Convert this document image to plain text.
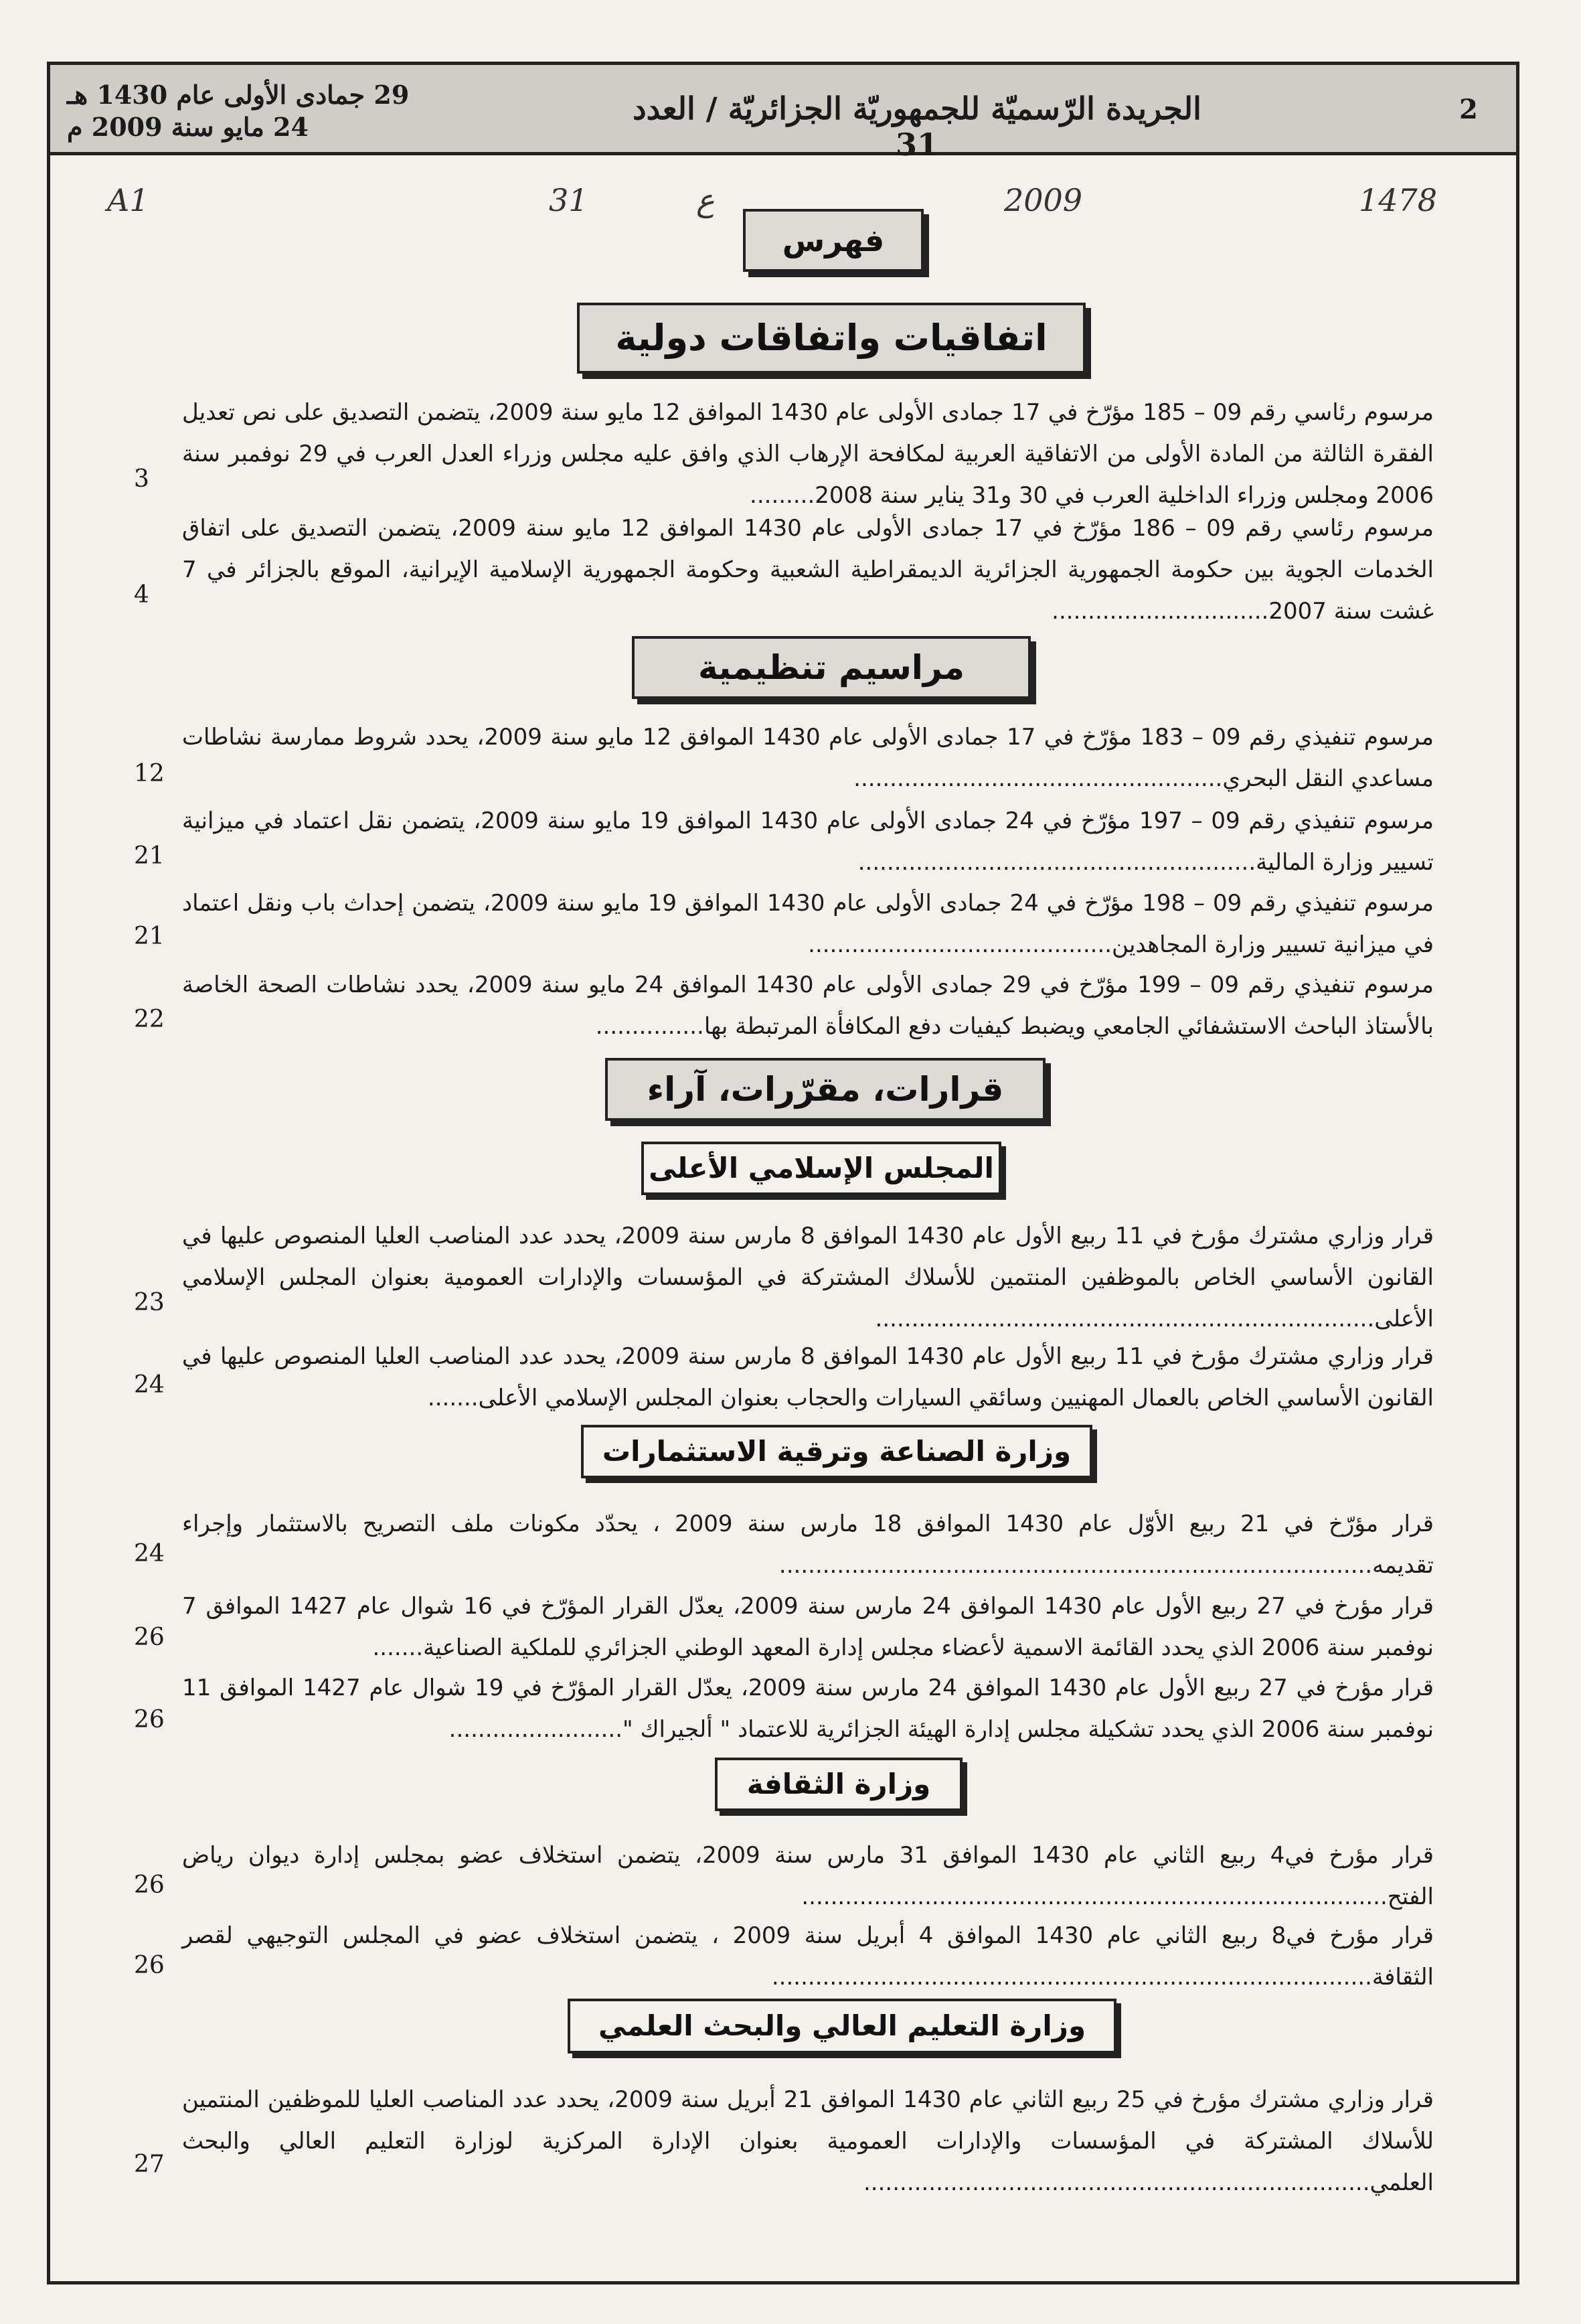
2
الجريدة الرّسميّة للجمهوريّة الجزائريّة / العدد 31
29 جمادى الأولى عام 1430 هـ
24 مايو سنة 2009 م
1478
2009
ع
31
A1
فهرس
اتفاقيات واتفاقات دولية
مرسوم رئاسي رقم 09 – 185 مؤرّخ في 17 جمادى الأولى عام 1430 الموافق 12 مايو سنة 2009، يتضمن التصديق على نص تعديل الفقرة الثالثة من المادة الأولى من الاتفاقية العربية لمكافحة الإرهاب الذي وافق عليه مجلس وزراء العدل العرب في 29 نوفمبر سنة 2006 ومجلس وزراء الداخلية العرب في 30 و31 يناير سنة 2008.........
3
مرسوم رئاسي رقم 09 – 186 مؤرّخ في 17 جمادى الأولى عام 1430 الموافق 12 مايو سنة 2009، يتضمن التصديق على اتفاق الخدمات الجوية بين حكومة الجمهورية الجزائرية الديمقراطية الشعبية وحكومة الجمهورية الإسلامية الإيرانية، الموقع بالجزائر في 7 غشت سنة 2007..............................
4
مراسيم تنظيمية
مرسوم تنفيذي رقم 09 – 183 مؤرّخ في 17 جمادى الأولى عام 1430 الموافق 12 مايو سنة 2009، يحدد شروط ممارسة نشاطات مساعدي النقل البحري...................................................
12
مرسوم تنفيذي رقم 09 – 197 مؤرّخ في 24 جمادى الأولى عام 1430 الموافق 19 مايو سنة 2009، يتضمن نقل اعتماد في ميزانية تسيير وزارة المالية.......................................................
21
مرسوم تنفيذي رقم 09 – 198 مؤرّخ في 24 جمادى الأولى عام 1430 الموافق 19 مايو سنة 2009، يتضمن إحداث باب ونقل اعتماد في ميزانية تسيير وزارة المجاهدين..........................................
21
مرسوم تنفيذي رقم 09 – 199 مؤرّخ في 29 جمادى الأولى عام 1430 الموافق 24 مايو سنة 2009، يحدد نشاطات الصحة الخاصة بالأستاذ الباحث الاستشفائي الجامعي ويضبط كيفيات دفع المكافأة المرتبطة بها...............
22
قرارات، مقرّرات، آراء
المجلس الإسلامي الأعلى
قرار وزاري مشترك مؤرخ في 11 ربيع الأول عام 1430 الموافق 8 مارس سنة 2009، يحدد عدد المناصب العليا المنصوص عليها في القانون الأساسي الخاص بالموظفين المنتمين للأسلاك المشتركة في المؤسسات والإدارات العمومية بعنوان المجلس الإسلامي الأعلى.....................................................................
23
قرار وزاري مشترك مؤرخ في 11 ربيع الأول عام 1430 الموافق 8 مارس سنة 2009، يحدد عدد المناصب العليا المنصوص عليها في القانون الأساسي الخاص بالعمال المهنيين وسائقي السيارات والحجاب بعنوان المجلس الإسلامي الأعلى.......
24
وزارة الصناعة وترقية الاستثمارات
قرار مؤرّخ في 21 ربيع الأوّل عام 1430 الموافق 18 مارس سنة 2009 ، يحدّد مكونات ملف التصريح بالاستثمار وإجراء تقديمه..................................................................................
24
قرار مؤرخ في 27 ربيع الأول عام 1430 الموافق 24 مارس سنة 2009، يعدّل القرار المؤرّخ في 16 شوال عام 1427 الموافق 7 نوفمبر سنة 2006 الذي يحدد القائمة الاسمية لأعضاء مجلس إدارة المعهد الوطني الجزائري للملكية الصناعية.......
26
قرار مؤرخ في 27 ربيع الأول عام 1430 الموافق 24 مارس سنة 2009، يعدّل القرار المؤرّخ في 19 شوال عام 1427 الموافق 11 نوفمبر سنة 2006 الذي يحدد تشكيلة مجلس إدارة الهيئة الجزائرية للاعتماد " ألجيراك "........................
26
وزارة الثقافة
قرار مؤرخ في4 ربيع الثاني عام 1430 الموافق 31 مارس سنة 2009، يتضمن استخلاف عضو بمجلس إدارة ديوان رياض الفتح.................................................................................
26
قرار مؤرخ في8 ربيع الثاني عام 1430 الموافق 4 أبريل سنة 2009 ، يتضمن استخلاف عضو في المجلس التوجيهي لقصر الثقافة...................................................................................
26
وزارة التعليم العالي والبحث العلمي
قرار وزاري مشترك مؤرخ في 25 ربيع الثاني عام 1430 الموافق 21 أبريل سنة 2009، يحدد عدد المناصب العليا للموظفين المنتمين للأسلاك المشتركة في المؤسسات والإدارات العمومية بعنوان الإدارة المركزية لوزارة التعليم العالي والبحث العلمي......................................................................
27
